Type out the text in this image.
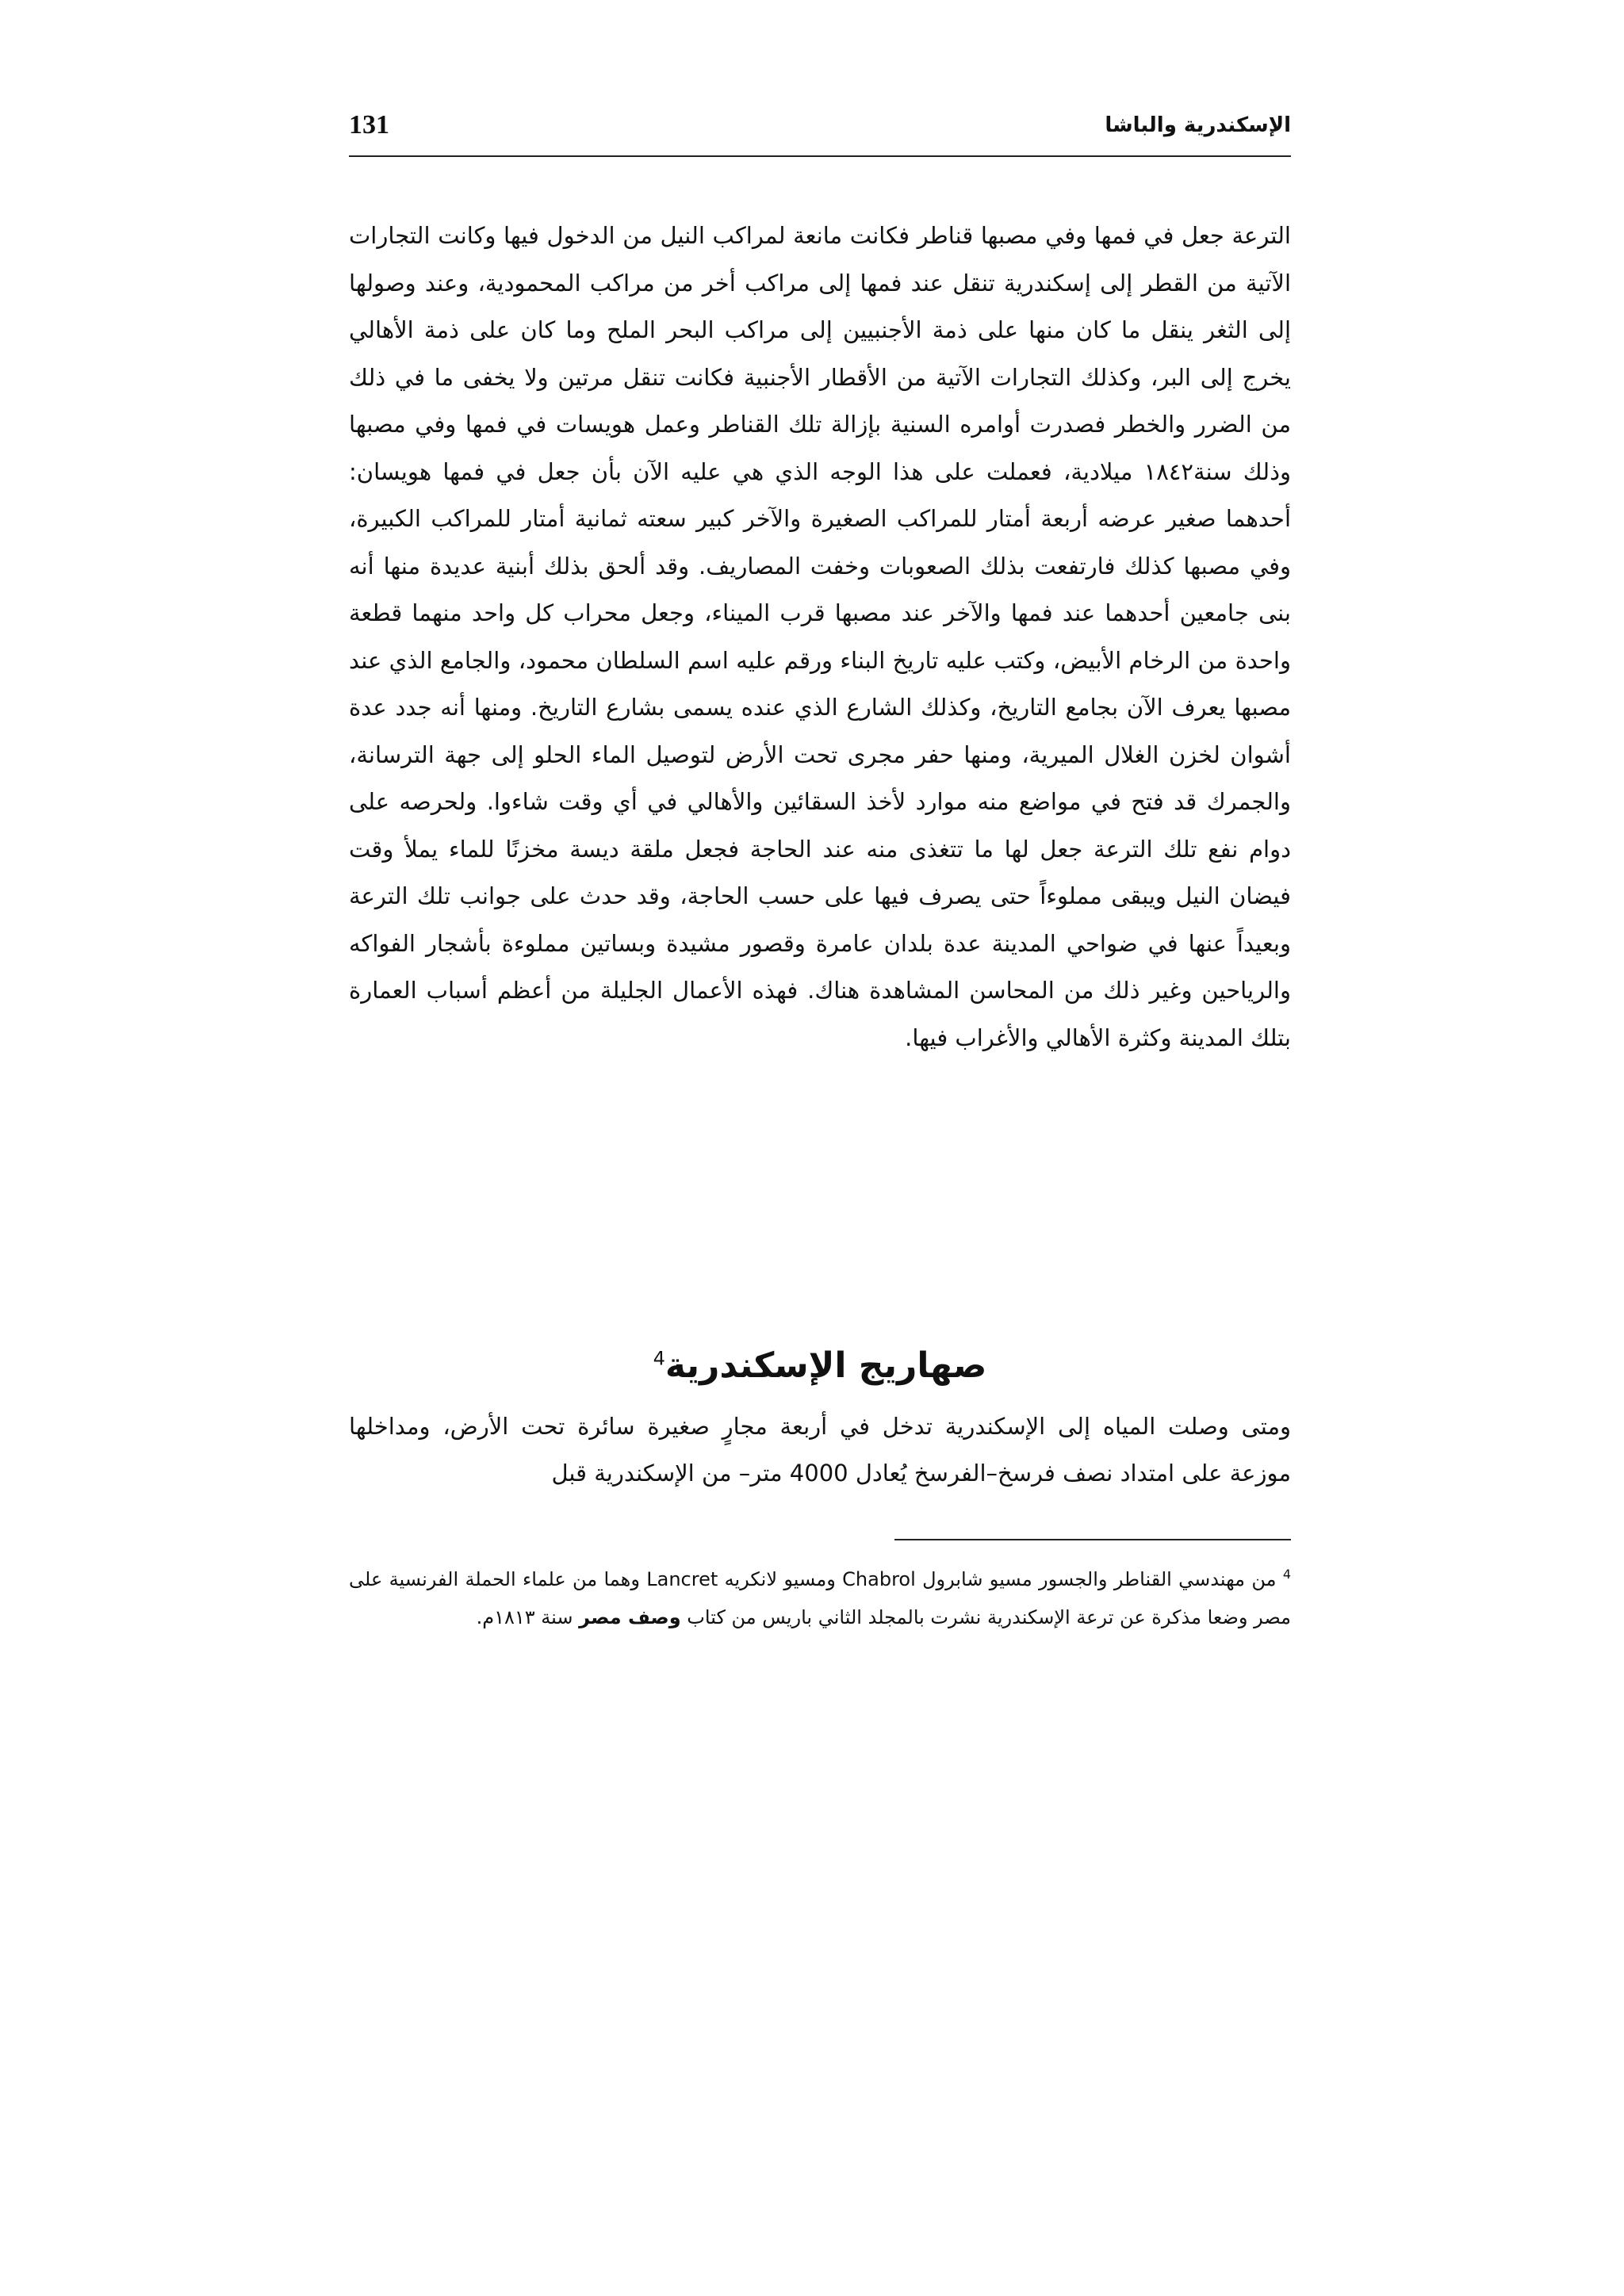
131	الإسكندرية والباشا

الترعة جعل في فمها وفي مصبها قناطر فكانت مانعة لمراكب النيل من الدخول فيها وكانت التجارات الآتية من القطر إلى إسكندرية تنقل عند فمها إلى مراكب أخر من مراكب المحمودية، وعند وصولها إلى الثغر ينقل ما كان منها على ذمة الأجنبيين إلى مراكب البحر الملح وما كان على ذمة الأهالي يخرج إلى البر، وكذلك التجارات الآتية من الأقطار الأجنبية فكانت تنقل مرتين ولا يخفى ما في ذلك من الضرر والخطر فصدرت أوامره السنية بإزالة تلك القناطر وعمل هويسات في فمها وفي مصبها وذلك سنة١٨٤٢ ميلادية، فعملت على هذا الوجه الذي هي عليه الآن بأن جعل في فمها هويسان: أحدهما صغير عرضه أربعة أمتار للمراكب الصغيرة والآخر كبير سعته ثمانية أمتار للمراكب الكبيرة، وفي مصبها كذلك فارتفعت بذلك الصعوبات وخفت المصاريف. وقد ألحق بذلك أبنية عديدة منها أنه بنى جامعين أحدهما عند فمها والآخر عند مصبها قرب الميناء، وجعل محراب كل واحد منهما قطعة واحدة من الرخام الأبيض، وكتب عليه تاريخ البناء ورقم عليه اسم السلطان محمود، والجامع الذي عند مصبها يعرف الآن بجامع التاريخ، وكذلك الشارع الذي عنده يسمى بشارع التاريخ. ومنها أنه جدد عدة أشوان لخزن الغلال الميرية، ومنها حفر مجرى تحت الأرض لتوصيل الماء الحلو إلى جهة الترسانة، والجمرك قد فتح في مواضع منه موارد لأخذ السقائين والأهالي في أي وقت شاءوا. ولحرصه على دوام نفع تلك الترعة جعل لها ما تتغذى منه عند الحاجة فجعل ملقة ديسة مخزنًا للماء يملأ وقت فيضان النيل ويبقى مملوءاً حتى يصرف فيها على حسب الحاجة، وقد حدث على جوانب تلك الترعة وبعيداً عنها في ضواحي المدينة عدة بلدان عامرة وقصور مشيدة وبساتين مملوءة بأشجار الفواكه والرياحين وغير ذلك من المحاسن المشاهدة هناك. فهذه الأعمال الجليلة من أعظم أسباب العمارة بتلك المدينة وكثرة الأهالي والأغراب فيها.

صهاريج الإسكندرية$^4$

ومتى وصلت المياه إلى الإسكندرية تدخل في أربعة مجارٍ صغيرة سائرة تحت الأرض، ومداخلها موزعة على امتداد نصف فرسخ–الفرسخ يُعادل 4000 متر– من الإسكندرية قبل

$^4$ من مهندسي القناطر والجسور مسيو شابرول Chabrol ومسيو لانكريه Lancret وهما من علماء الحملة الفرنسية على مصر وضعا مذكرة عن ترعة الإسكندرية نشرت بالمجلد الثاني باريس من كتاب وصف مصر سنة ١٨١٣م.
